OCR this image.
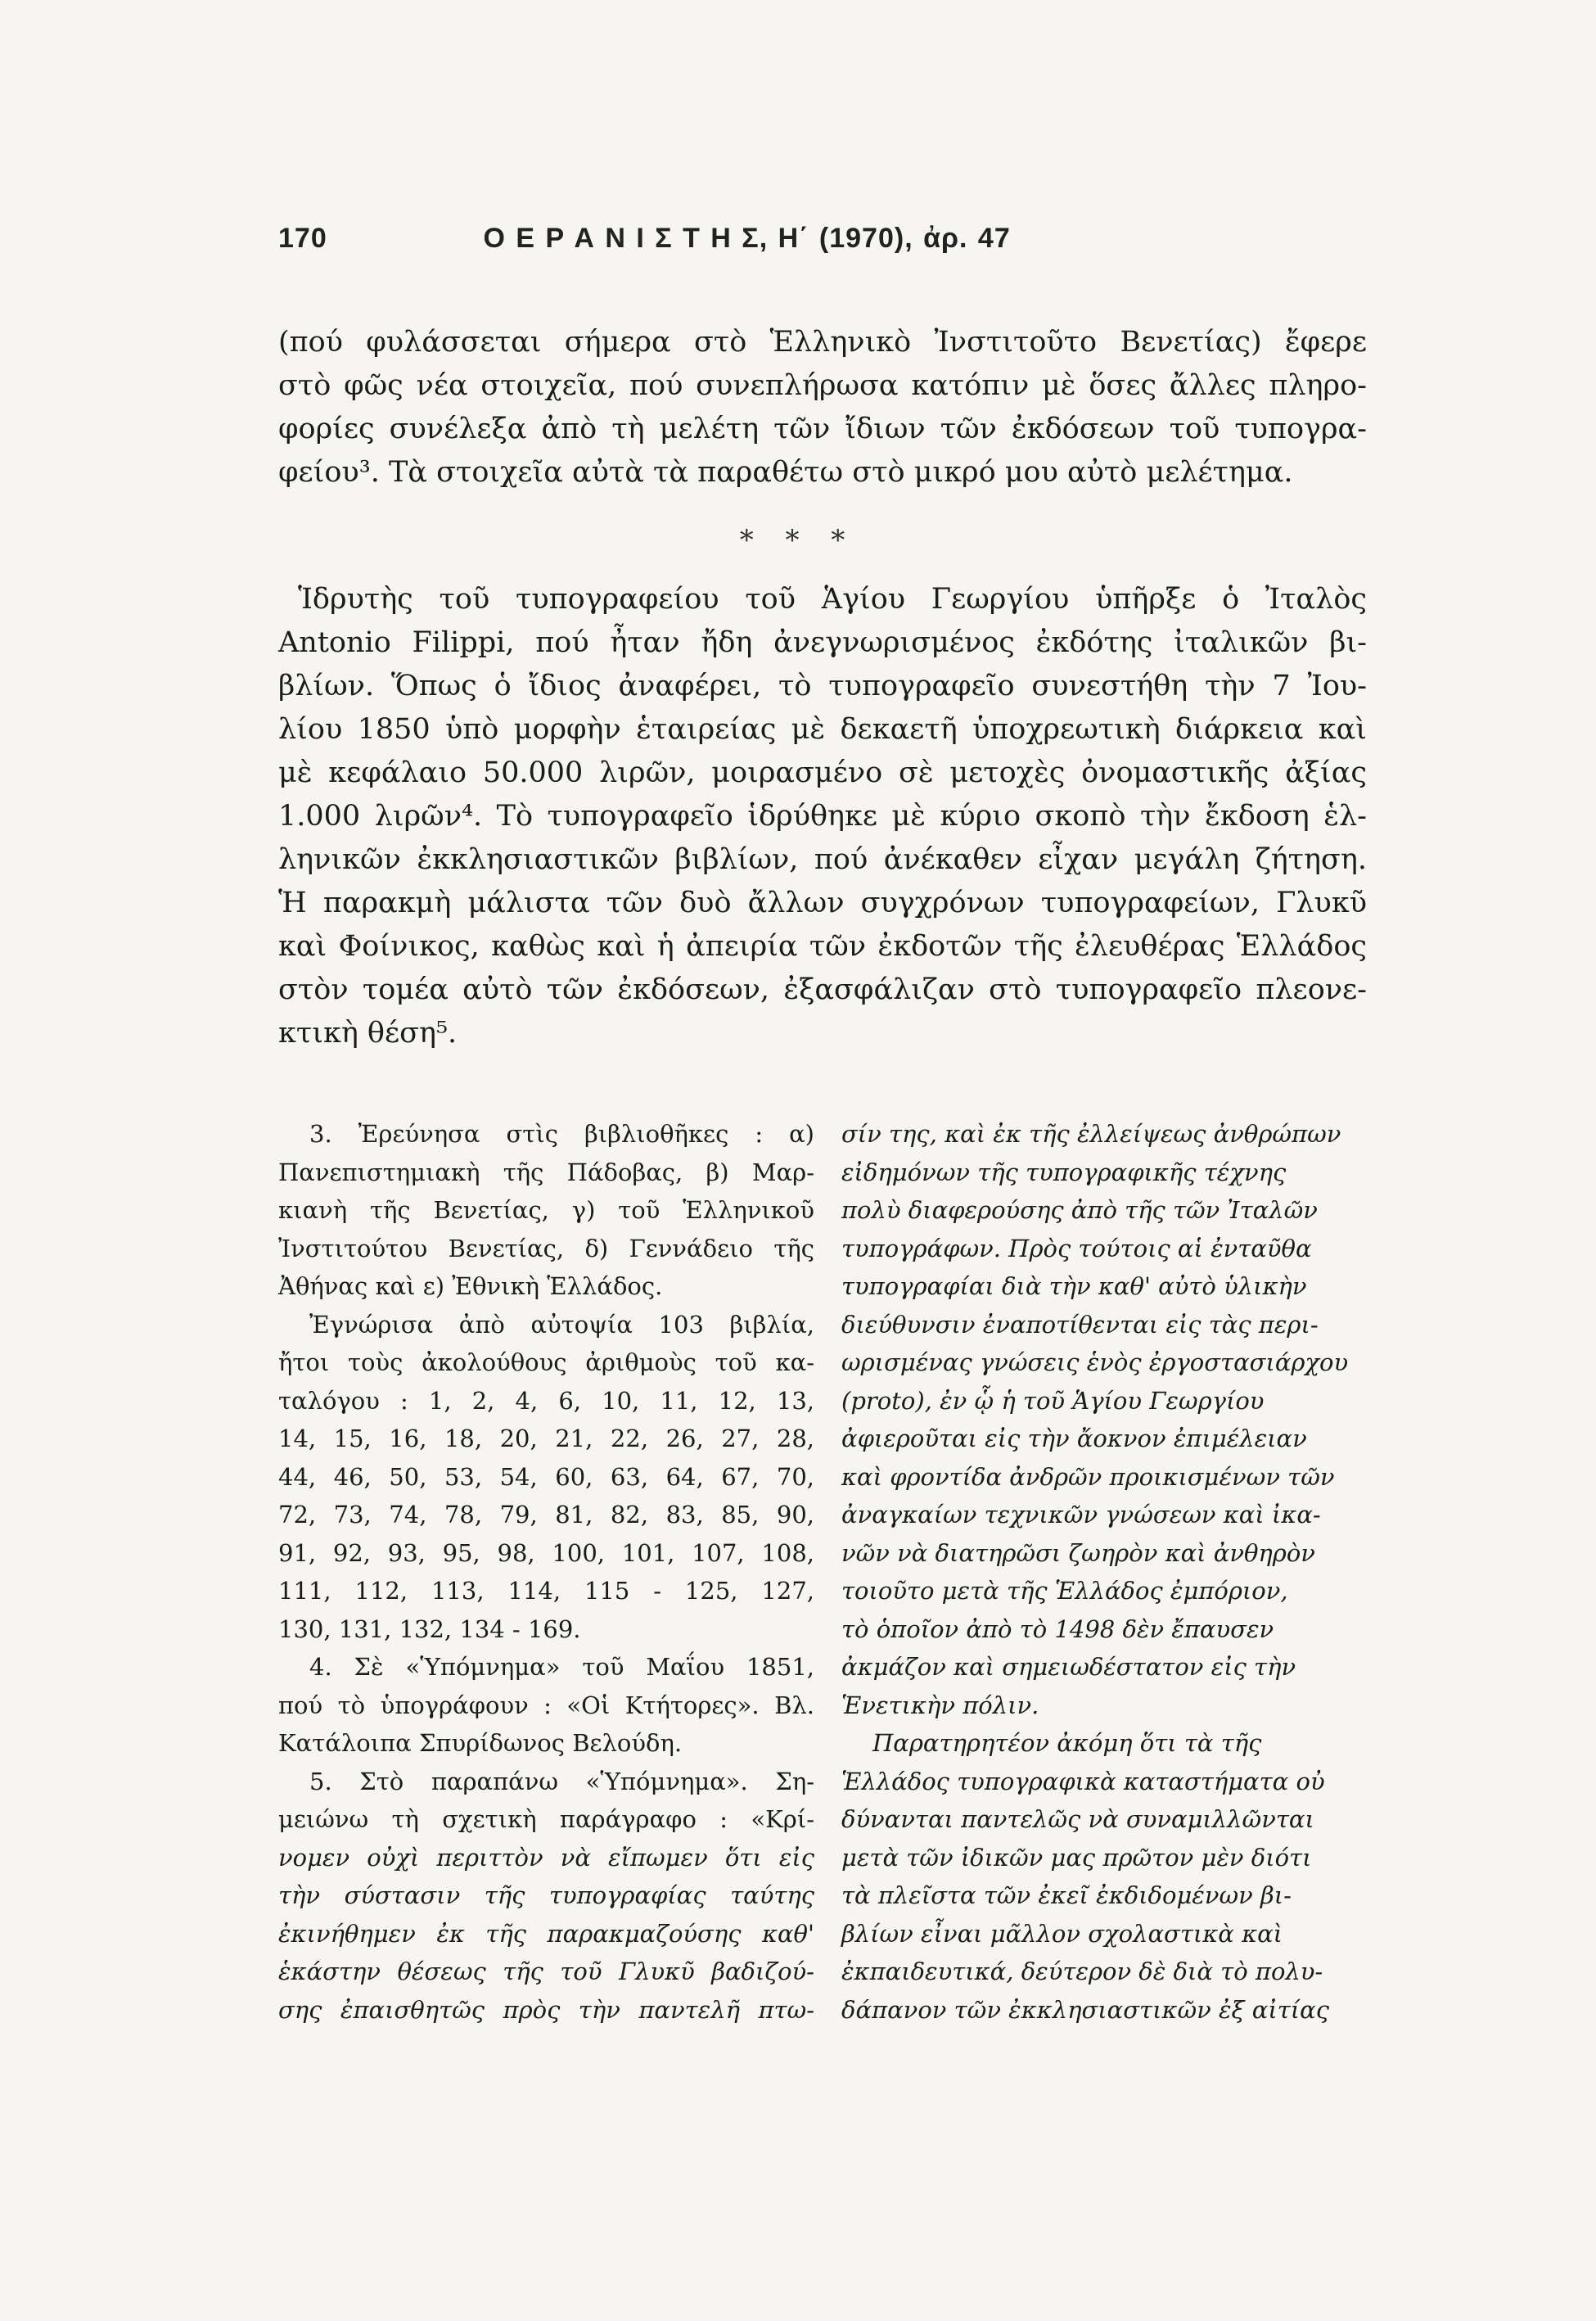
170	Ο Ε Ρ Α Ν Ι Σ Τ Η Σ, Η΄ (1970), ἀρ. 47
(πού φυλάσσεται σήμερα στὸ Ἑλληνικὸ Ἰνστιτοῦτο Βενετίας) ἔφερε
στὸ φῶς νέα στοιχεῖα, πού συνεπλήρωσα κατόπιν μὲ ὅσες ἄλλες πληρο-
φορίες συνέλεξα ἀπὸ τὴ μελέτη τῶν ἴδιων τῶν ἐκδόσεων τοῦ τυπογρα-
φείου³. Τὰ στοιχεῖα αὐτὰ τὰ παραθέτω στὸ μικρό μου αὐτὸ μελέτημα.
* * *
Ἱδρυτὴς τοῦ τυπογραφείου τοῦ Ἁγίου Γεωργίου ὑπῆρξε ὁ Ἰταλὸς
Antonio Filippi, πού ἦταν ἤδη ἀνεγνωρισμένος ἐκδότης ἰταλικῶν βι-
βλίων. Ὅπως ὁ ἴδιος ἀναφέρει, τὸ τυπογραφεῖο συνεστήθη τὴν 7 Ἰου-
λίου 1850 ὑπὸ μορφὴν ἑταιρείας μὲ δεκαετῆ ὑποχρεωτικὴ διάρκεια καὶ
μὲ κεφάλαιο 50.000 λιρῶν, μοιρασμένο σὲ μετοχὲς ὀνομαστικῆς ἀξίας
1.000 λιρῶν⁴. Τὸ τυπογραφεῖο ἱδρύθηκε μὲ κύριο σκοπὸ τὴν ἔκδοση ἑλ-
ληνικῶν ἐκκλησιαστικῶν βιβλίων, πού ἀνέκαθεν εἶχαν μεγάλη ζήτηση.
Ἡ παρακμὴ μάλιστα τῶν δυὸ ἄλλων συγχρόνων τυπογραφείων, Γλυκῦ
καὶ Φοίνικος, καθὼς καὶ ἡ ἀπειρία τῶν ἐκδοτῶν τῆς ἐλευθέρας Ἑλλάδος
στὸν τομέα αὐτὸ τῶν ἐκδόσεων, ἐξασφάλιζαν στὸ τυπογραφεῖο πλεονε-
κτικὴ θέση⁵.
3. Ἐρεύνησα στὶς βιβλιοθῆκες : α)
Πανεπιστημιακὴ τῆς Πάδοβας, β) Μαρ-
κιανὴ τῆς Βενετίας, γ) τοῦ Ἑλληνικοῦ
Ἰνστιτούτου Βενετίας, δ) Γεννάδειο τῆς
Ἀθήνας καὶ ε) Ἐθνικὴ Ἑλλάδος.
Ἐγνώρισα ἀπὸ αὐτοψία 103 βιβλία,
ἤτοι τοὺς ἀκολούθους ἀριθμοὺς τοῦ κα-
ταλόγου : 1, 2, 4, 6, 10, 11, 12, 13,
14, 15, 16, 18, 20, 21, 22, 26, 27, 28,
44, 46, 50, 53, 54, 60, 63, 64, 67, 70,
72, 73, 74, 78, 79, 81, 82, 83, 85, 90,
91, 92, 93, 95, 98, 100, 101, 107, 108,
111, 112, 113, 114, 115 - 125, 127,
130, 131, 132, 134 - 169.
4. Σὲ «Ὑπόμνημα» τοῦ Μαΐου 1851,
πού τὸ ὑπογράφουν : «Οἱ Κτήτορες». Βλ.
Κατάλοιπα Σπυρίδωνος Βελούδη.
5. Στὸ παραπάνω «Ὑπόμνημα». Ση-
μειώνω τὴ σχετικὴ παράγραφο : «Κρί-
νομεν οὐχὶ περιττὸν νὰ εἴπωμεν ὅτι εἰς
τὴν σύστασιν τῆς τυπογραφίας ταύτης
ἐκινήθημεν ἐκ τῆς παρακμαζούσης καθ'
ἑκάστην θέσεως τῆς τοῦ Γλυκῦ βαδιζού-
σης ἐπαισθητῶς πρὸς τὴν παντελῆ πτω-
σίν της, καὶ ἐκ τῆς ἐλλείψεως ἀνθρώπων
εἰδημόνων τῆς τυπογραφικῆς τέχνης
πολὺ διαφερούσης ἀπὸ τῆς τῶν Ἰταλῶν
τυπογράφων. Πρὸς τούτοις αἱ ἐνταῦθα
τυπογραφίαι διὰ τὴν καθ' αὐτὸ ὑλικὴν
διεύθυνσιν ἐναποτίθενται εἰς τὰς περι-
ωρισμένας γνώσεις ἑνὸς ἐργοστασιάρχου
(proto), ἐν ᾧ ἡ τοῦ Ἁγίου Γεωργίου
ἀφιεροῦται εἰς τὴν ἄοκνον ἐπιμέλειαν
καὶ φροντίδα ἀνδρῶν προικισμένων τῶν
ἀναγκαίων τεχνικῶν γνώσεων καὶ ἰκα-
νῶν νὰ διατηρῶσι ζωηρὸν καὶ ἀνθηρὸν
τοιοῦτο μετὰ τῆς Ἑλλάδος ἐμπόριον,
τὸ ὁποῖον ἀπὸ τὸ 1498 δὲν ἔπαυσεν
ἀκμάζον καὶ σημειωδέστατον εἰς τὴν
Ἑνετικὴν πόλιν.
Παρατηρητέον ἀκόμη ὅτι τὰ τῆς
Ἑλλάδος τυπογραφικὰ καταστήματα οὐ
δύνανται παντελῶς νὰ συναμιλλῶνται
μετὰ τῶν ἰδικῶν μας πρῶτον μὲν διότι
τὰ πλεῖστα τῶν ἐκεῖ ἐκδιδομένων βι-
βλίων εἶναι μᾶλλον σχολαστικὰ καὶ
ἐκπαιδευτικά, δεύτερον δὲ διὰ τὸ πολυ-
δάπανον τῶν ἐκκλησιαστικῶν ἐξ αἰτίας
